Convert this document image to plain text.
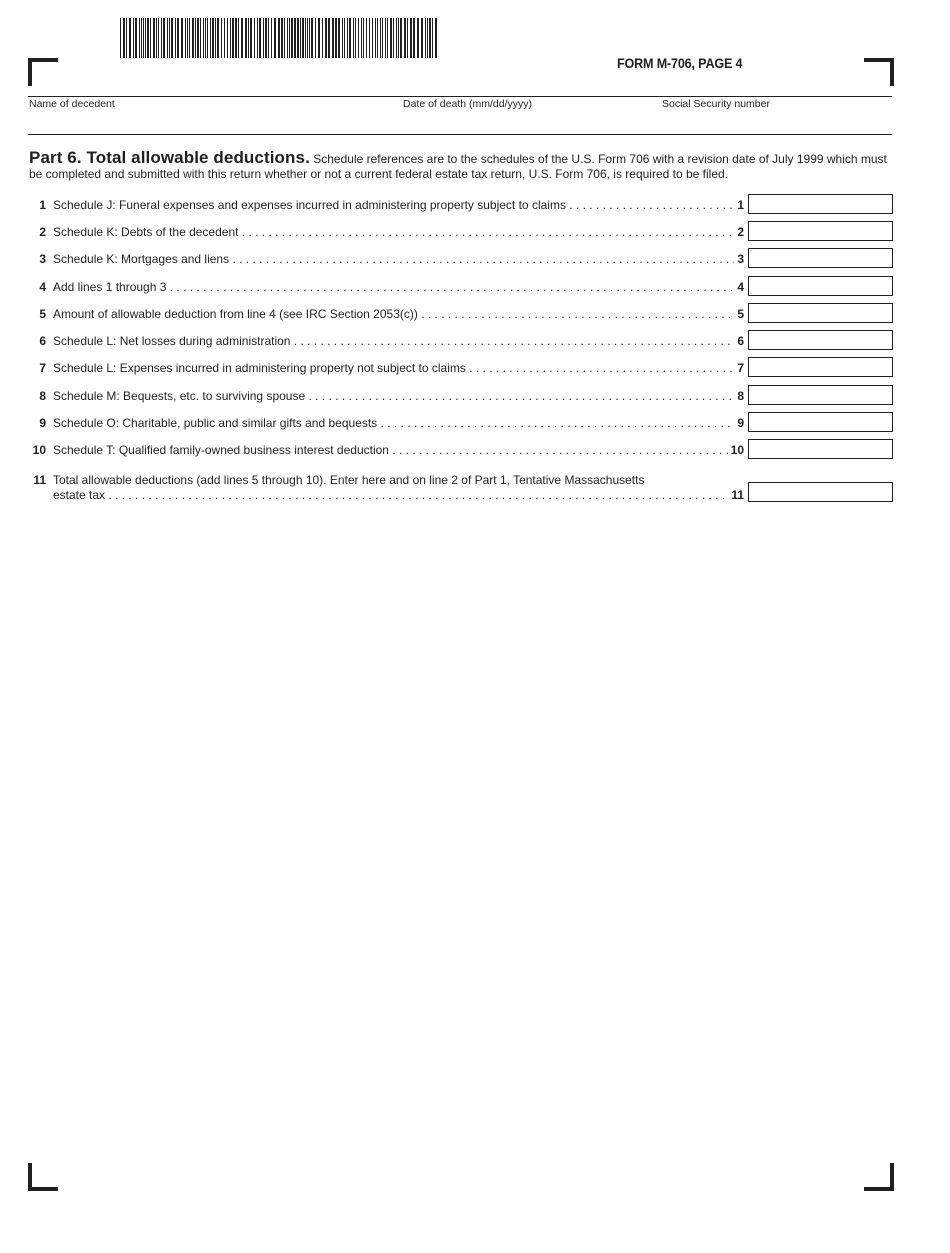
FORM M-706, PAGE 4
Name of decedent	Date of death (mm/dd/yyyy)	Social Security number
Part 6. Total allowable deductions. Schedule references are to the schedules of the U.S. Form 706 with a revision date of July 1999 which must be completed and submitted with this return whether or not a current federal estate tax return, U.S. Form 706, is required to be filed.
1 Schedule J: Funeral expenses and expenses incurred in administering property subject to claims . . .	1
2 Schedule K: Debts of the decedent . . .	2
3 Schedule K: Mortgages and liens . . .	3
4 Add lines 1 through 3 . . .	4
5 Amount of allowable deduction from line 4 (see IRC Section 2053(c)) . . .	5
6 Schedule L: Net losses during administration . . .	6
7 Schedule L: Expenses incurred in administering property not subject to claims . . .	7
8 Schedule M: Bequests, etc. to surviving spouse . . .	8
9 Schedule O: Charitable, public and similar gifts and bequests . . .	9
10 Schedule T: Qualified family-owned business interest deduction . . .	10
11 Total allowable deductions (add lines 5 through 10). Enter here and on line 2 of Part 1, Tentative Massachusetts
estate tax . . .	11
